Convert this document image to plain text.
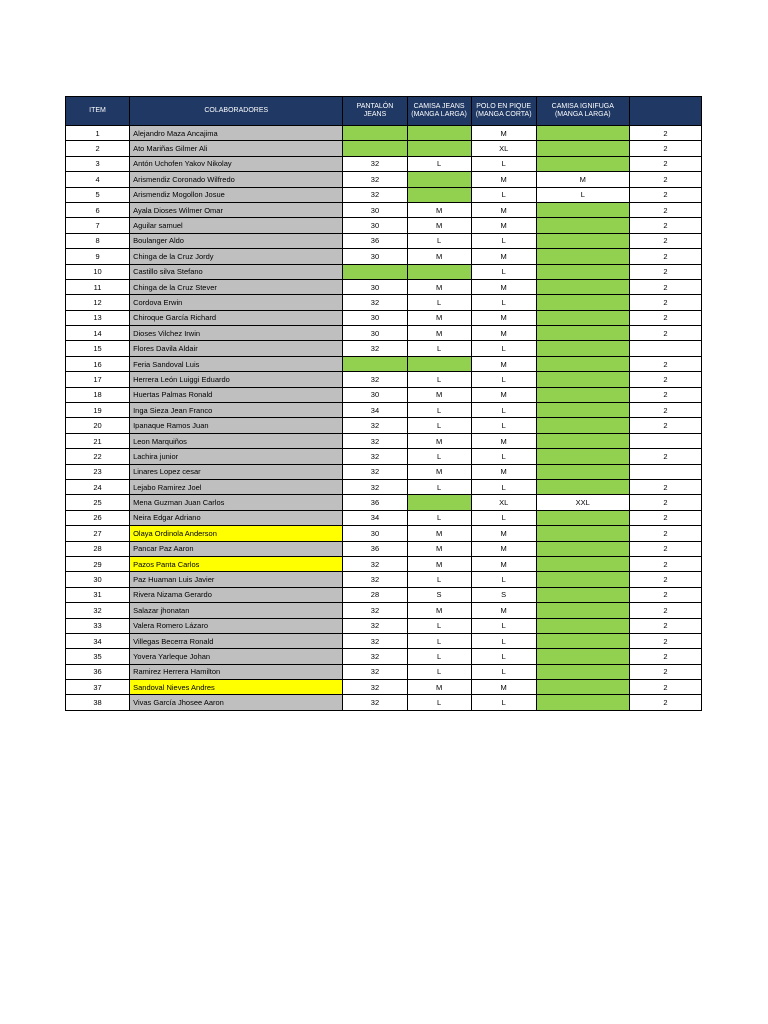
ITEM	COLABORADORES	PANTALÓN JEANS	CAMISA JEANS (MANGA LARGA)	POLO EN PIQUE (MANGA CORTA)	CAMISA IGNIFUGA (MANGA LARGA)	
1	Alejandro Maza Ancajima			M		2
2	Ato Mariñas Gilmer Ali			XL		2
3	Antón Uchofen Yakov Nikolay	32	L	L		2
4	Arismendiz Coronado Wilfredo	32		M	M	2
5	Arismendiz Mogollon Josue	32		L	L	2
6	Ayala Dioses Wilmer Omar	30	M	M		2
7	Aguilar samuel	30	M	M		2
8	Boulanger Aldo	36	L	L		2
9	Chinga de la Cruz Jordy	30	M	M		2
10	Castillo silva Stefano			L		2
11	Chinga de la Cruz Stever	30	M	M		2
12	Cordova Erwin	32	L	L		2
13	Chiroque García Richard	30	M	M		2
14	Dioses Vilchez Irwin	30	M	M		2
15	Flores Davila Aldair	32	L	L		
16	Feria Sandoval Luis			M		2
17	Herrera León Luiggi Eduardo	32	L	L		2
18	Huertas Palmas Ronald	30	M	M		2
19	Inga Sieza Jean Franco	34	L	L		2
20	Ipanaque Ramos Juan	32	L	L		2
21	Leon Marquiños	32	M	M		
22	Lachira junior	32	L	L		2
23	Linares Lopez cesar	32	M	M		
24	Lejabo Ramirez Joel	32	L	L		2
25	Mena Guzman Juan Carlos	36		XL	XXL	2
26	Neira Edgar Adriano	34	L	L		2
27	Olaya Ordinola Anderson	30	M	M		2
28	Pancar Paz Aaron	36	M	M		2
29	Pazos Panta Carlos	32	M	M		2
30	Paz Huaman Luis Javier	32	L	L		2
31	Rivera Nizama Gerardo	28	S	S		2
32	Salazar jhonatan	32	M	M		2
33	Valera Romero Lázaro	32	L	L		2
34	Villegas Becerra Ronald	32	L	L		2
35	Yovera Yarleque Johan	32	L	L		2
36	Ramirez Herrera Hamilton	32	L	L		2
37	Sandoval Nieves Andres	32	M	M		2
38	Vivas García Jhosee Aaron	32	L	L		2
